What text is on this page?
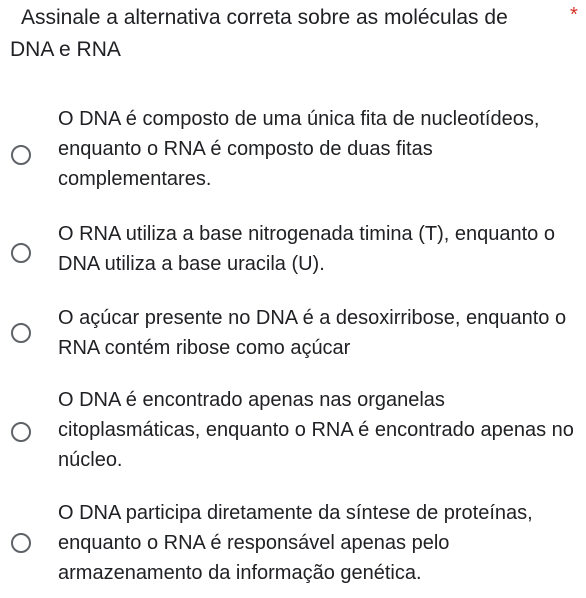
Assinale a alternativa correta sobre as moléculas de DNA e RNA

*

O DNA é composto de uma única fita de nucleotídeos, enquanto o RNA é composto de duas fitas complementares.

O RNA utiliza a base nitrogenada timina (T), enquanto o DNA utiliza a base uracila (U).

O açúcar presente no DNA é a desoxirribose, enquanto o RNA contém ribose como açúcar

O DNA é encontrado apenas nas organelas citoplasmáticas, enquanto o RNA é encontrado apenas no núcleo.

O DNA participa diretamente da síntese de proteínas, enquanto o RNA é responsável apenas pelo armazenamento da informação genética.
